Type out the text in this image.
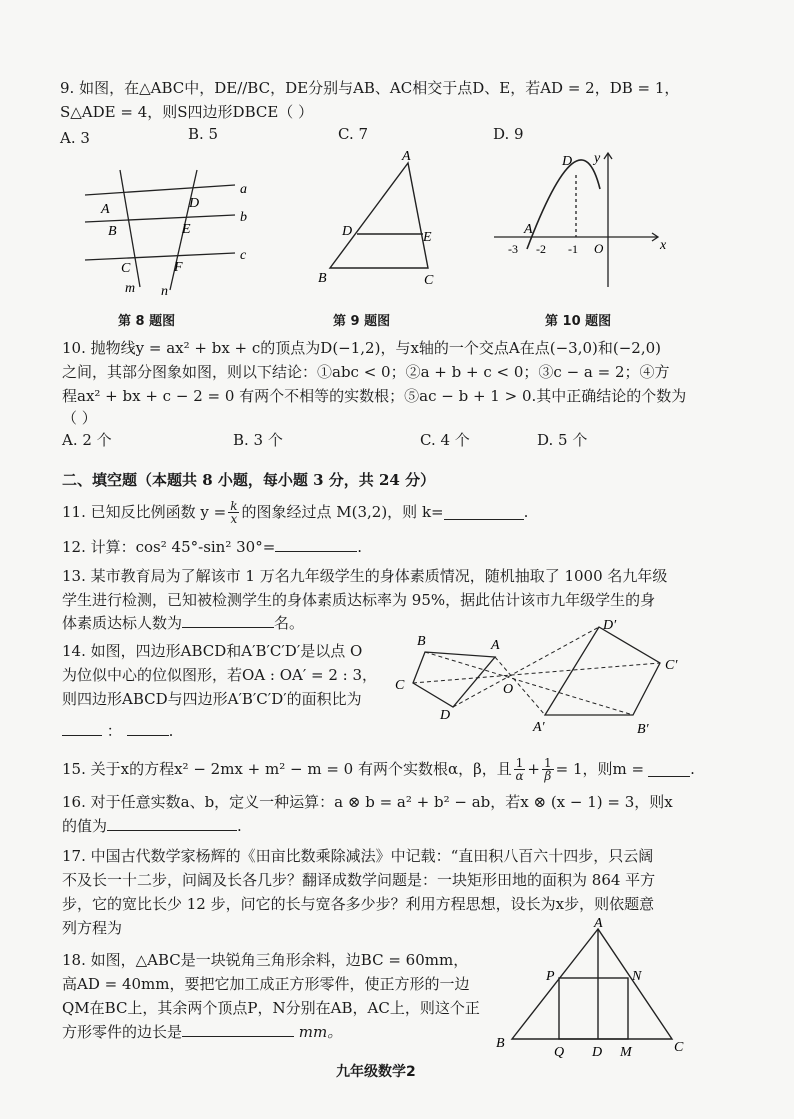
9. 如图，在△ABC中，DE//BC，DE分别与AB、AC相交于点D、E，若AD = 2，DB = 1，
S△ADE = 4，则S四边形DBCE（ ）
A. 3	B. 5	C. 7	D. 9
a
b
c
A
B
C
D
E
F
m n
第 8 题图
A
D	E
B	C
第 9 题图
D y
A
-3 -2 -1 O	x
第 10 题图
10. 抛物线y = ax² + bx + c的顶点为D(−1,2)，与x轴的一个交点A在点(−3,0)和(−2,0)
之间，其部分图象如图，则以下结论：①abc < 0；②a + b + c < 0；③c − a = 2；④方
程ax² + bx + c − 2 = 0 有两个不相等的实数根；⑤ac − b + 1 > 0.其中正确结论的个数为
（ ）
A. 2 个	B. 3 个	C. 4 个	D. 5 个
二、填空题（本题共 8 小题，每小题 3 分，共 24 分）
11. 已知反比例函数 $y = \frac{k}{x}$ 的图象经过点 M(3,2)，则 k=	.
12. 计算：cos² 45°-sin² 30°=	.
13. 某市教育局为了解该市 1 万名九年级学生的身体素质情况，随机抽取了 1000 名九年级
学生进行检测，已知被检测学生的身体素质达标率为 95%，据此估计该市九年级学生的身
体素质达标人数为	名。
14. 如图，四边形ABCD和A′B′C′D′是以点 O
为位似中心的位似图形，若OA : OA′ = 2 : 3，
则四边形ABCD与四边形A′B′C′D′的面积比为
：	.
B	A
C	O
D
D′
C′
A′	B′
15. 关于x的方程x² − 2mx + m² − m = 0 有两个实数根α，β，且 $\frac{1}{\alpha} + \frac{1}{\beta} = 1$，则m =	.
16. 对于任意实数a、b，定义一种运算：a ⊗ b = a² + b² − ab，若x ⊗ (x − 1) = 3，则x
的值为	.
17. 中国古代数学家杨辉的《田亩比数乘除减法》中记载：“直田积八百六十四步，只云阔
不及长一十二步，问阔及长各几步？翻译成数学问题是：一块矩形田地的面积为 864 平方
步，它的宽比长少 12 步，问它的长与宽各多少步？利用方程思想，设长为x步，则依题意
列方程为
18. 如图，△ABC是一块锐角三角形余料，边BC = 60mm，
高AD = 40mm，要把它加工成正方形零件，使正方形的一边
QM在BC上，其余两个顶点P，N分别在AB，AC上，则这个正
方形零件的边长是	mm。
A
P	N
B
Q D M	C
九年级数学2
